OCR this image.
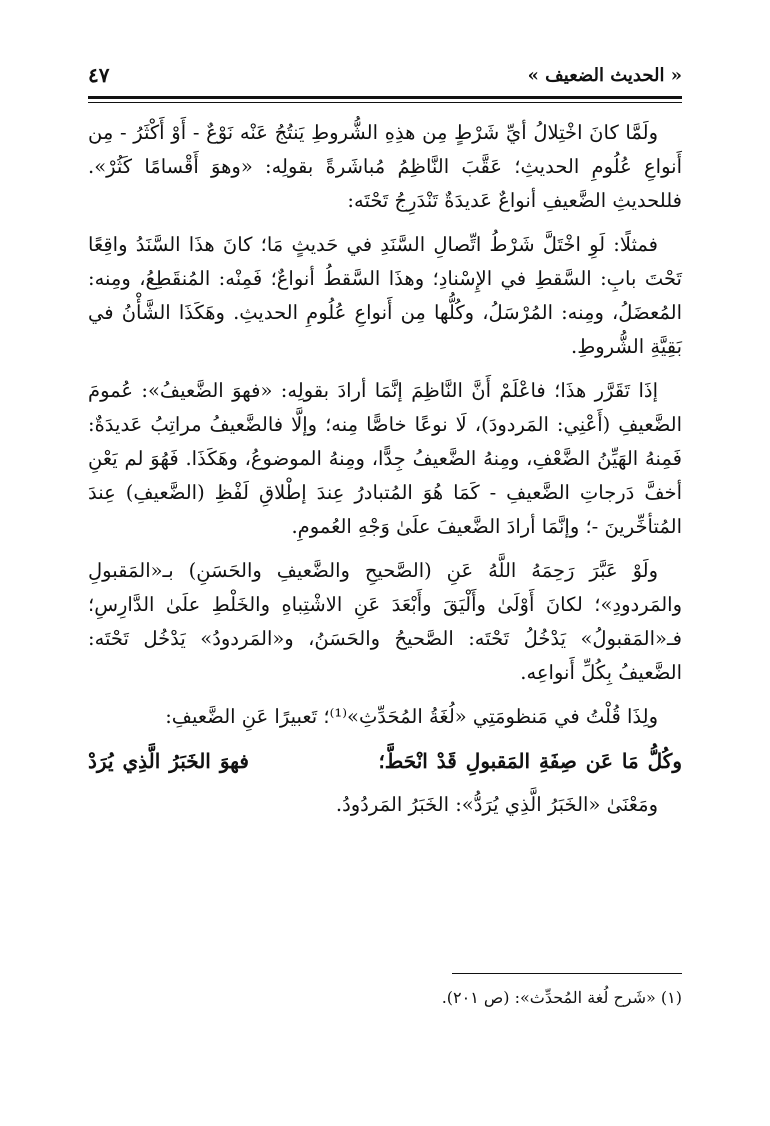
« الحديث الضعيف »
٤٧

ولَمَّا كانَ اخْتِلالُ أيِّ شَرْطٍ مِن هذِهِ الشُّروطِ يَنتُجُ عَنْه نَوْعٌ - أَوْ أَكْثَرُ - مِن أَنواعِ عُلُومِ الحديثِ؛ عَقَّبَ النَّاظِمُ مُباشَرةً بقولِه: «وهوَ أَقْسامًا كَثُرْ». فللحديثِ الضَّعيفِ أنواعٌ عَديدَةٌ تَنْدَرِجُ تَحْتَه:

فمثلًا: لَوِ اخْتَلَّ شَرْطُ اتِّصالِ السَّنَدِ في حَديثٍ مَا؛ كانَ هذَا السَّنَدُ واقِعًا تَحْتَ بابِ: السَّقطِ في الإِسْنادِ؛ وهذَا السَّقطُ أنواعٌ؛ فَمِنْه: المُنقَطِعُ، ومِنه: المُعضَلُ، ومِنه: المُرْسَلُ، وكُلُّها مِن أَنواعِ عُلُومِ الحديثِ. وهَكَذَا الشَّأْنُ في بَقِيَّةِ الشُّروطِ.

إذَا تَقَرَّر هذَا؛ فاعْلَمْ أَنَّ النَّاظِمَ إنَّمَا أرادَ بقولِه: «فهوَ الضَّعيفُ»: عُمومَ الضَّعيفِ (أَعْنِي: المَردودَ)، لَا نوعًا خاصًّا مِنه؛ وإلَّا فالضَّعيفُ مراتِبُ عَديدَةٌ: فَمِنهُ الهَيِّنُ الضَّعْفِ، ومِنهُ الضَّعيفُ جِدًّا، ومِنهُ الموضوعُ، وهَكَذَا. فَهُوَ لم يَعْنِ أخفَّ دَرجاتِ الضَّعيفِ - كَمَا هُوَ المُتبادرُ عِندَ إطْلاقِ لَفْظِ (الضَّعيفِ) عِندَ المُتأخِّرينَ -؛ وإنَّمَا أرادَ الضَّعيفَ علَىٰ وَجْهِ العُمومِ.

ولَوْ عَبَّرَ رَحِمَهُ اللَّهُ عَنِ (الصَّحيحِ والضَّعيفِ والحَسَنِ) بـ«المَقبولِ والمَردودِ»؛ لكانَ أَوْلَىٰ وأَلْيَقَ وأَبْعَدَ عَنِ الاشْتِباهِ والخَلْطِ علَىٰ الدَّارِسِ؛ فـ«المَقبولُ» يَدْخُلُ تَحْتَه: الصَّحيحُ والحَسَنُ، و«المَردودُ» يَدْخُل تَحْتَه: الضَّعيفُ بِكُلِّ أَنواعِه.

ولِذَا قُلْتُ في مَنظومَتِي «لُغَةُ المُحَدِّثِ»⁽¹⁾؛ تَعبيرًا عَنِ الضَّعيفِ:

وكُلُّ مَا عَن صِفَةِ المَقبولِ قَدْ انْحَطَّ؛
فهوَ الخَبَرُ الَّذِي يُرَدْ

ومَعْنَىٰ «الخَبَرُ الَّذِي يُرَدُّ»: الخَبَرُ المَردُودُ.

(١) «شَرح لُغة المُحدِّث»: (ص ٢٠١).
